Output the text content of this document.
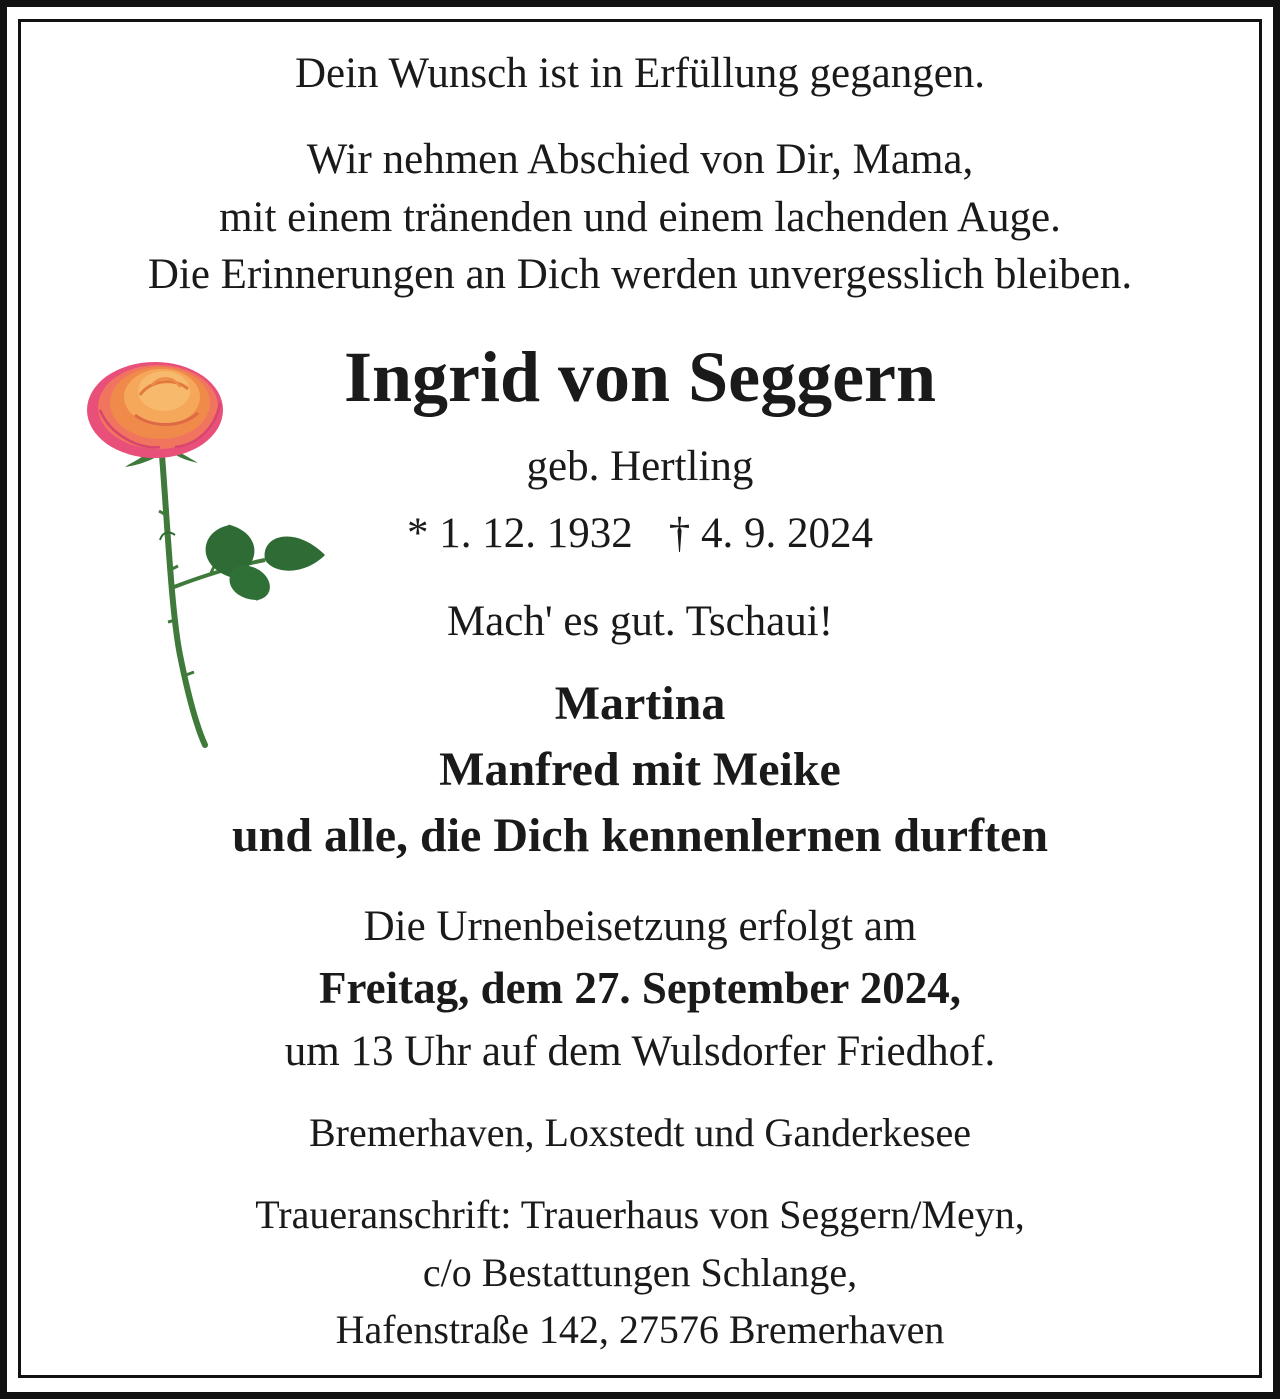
Dein Wunsch ist in Erfüllung gegangen.
Wir nehmen Abschied von Dir, Mama,
mit einem tränenden und einem lachenden Auge.
Die Erinnerungen an Dich werden unvergesslich bleiben.
Ingrid von Seggern
geb. Hertling
* 1. 12. 1932 † 4. 9. 2024
Mach' es gut. Tschaui!
Martina
Manfred mit Meike
und alle, die Dich kennenlernen durften
Die Urnenbeisetzung erfolgt am
Freitag, dem 27. September 2024,
um 13 Uhr auf dem Wulsdorfer Friedhof.
Bremerhaven, Loxstedt und Ganderkesee
Traueranschrift: Trauerhaus von Seggern/Meyn,
c/o Bestattungen Schlange,
Hafenstraße 142, 27576 Bremerhaven
